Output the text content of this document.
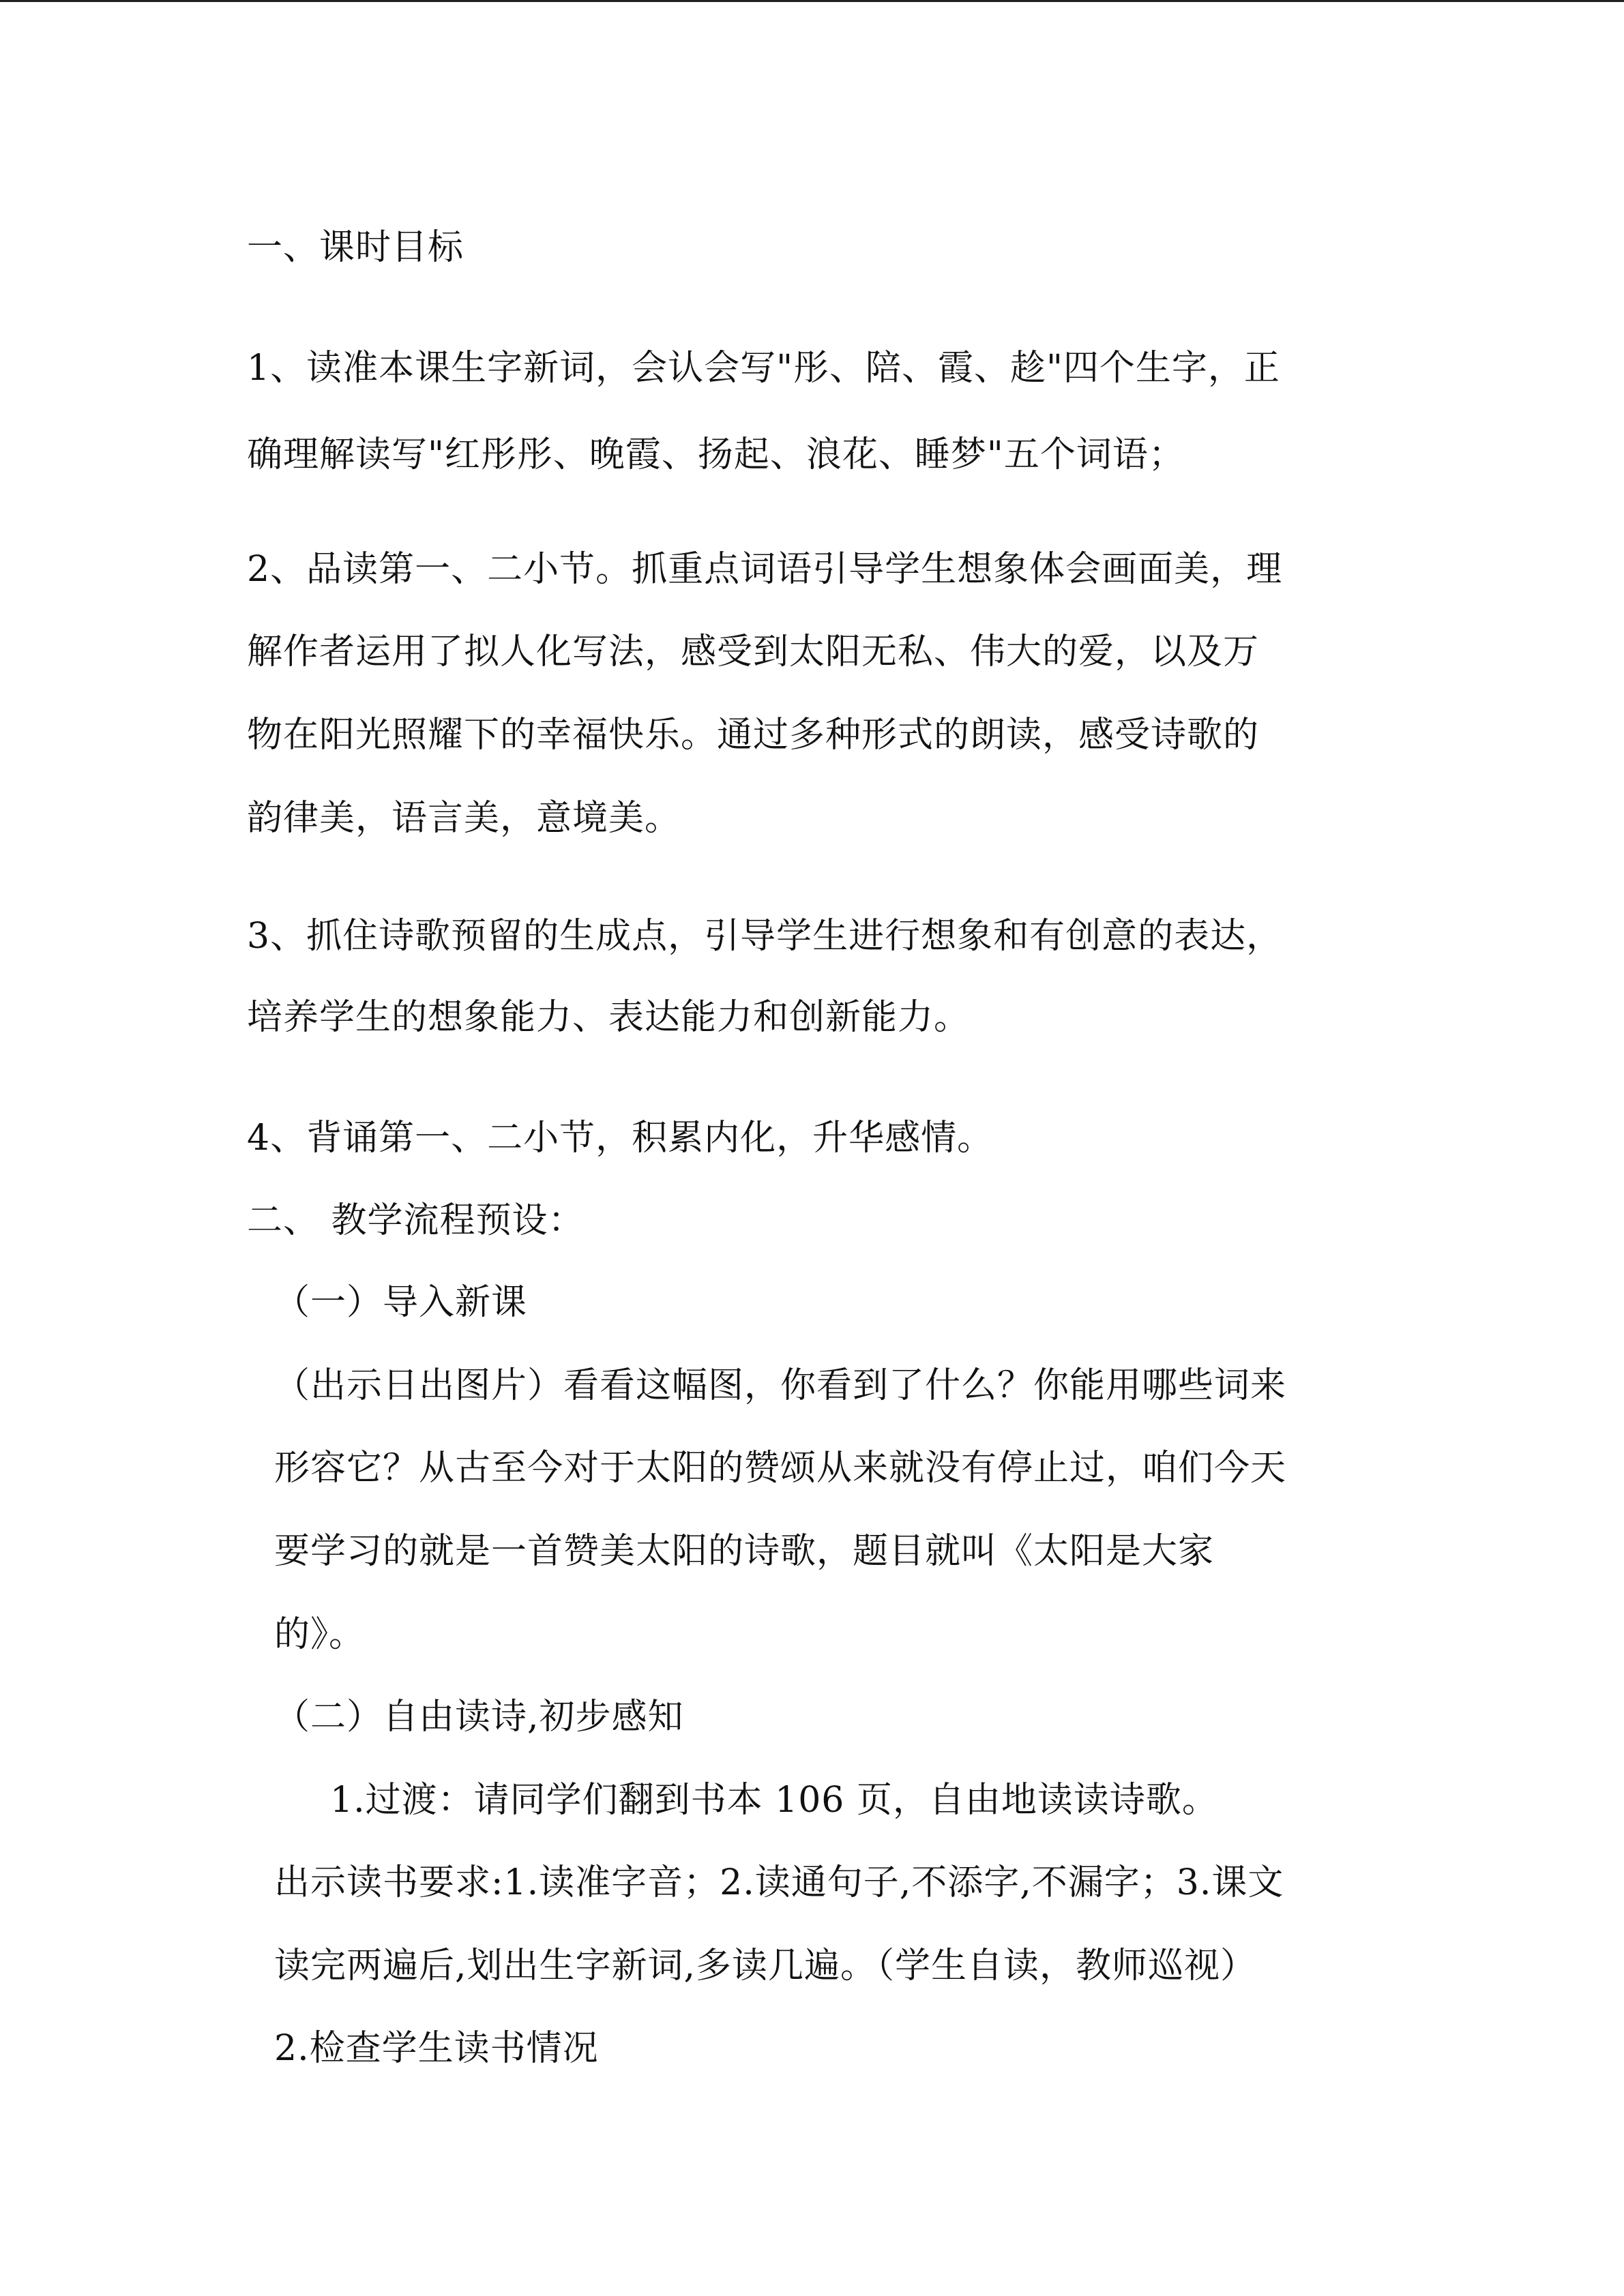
一、课时目标
1、读准本课生字新词，会认会写"彤、陪、霞、趁"四个生字，正
确理解读写"红彤彤、晚霞、扬起、浪花、睡梦"五个词语；
2、品读第一、二小节。抓重点词语引导学生想象体会画面美，理
解作者运用了拟人化写法，感受到太阳无私、伟大的爱，以及万
物在阳光照耀下的幸福快乐。通过多种形式的朗读，感受诗歌的
韵律美，语言美，意境美。
3、抓住诗歌预留的生成点，引导学生进行想象和有创意的表达，
培养学生的想象能力、表达能力和创新能力。
4、背诵第一、二小节，积累内化，升华感情。
二、 教学流程预设：
（一）导入新课
（出示日出图片）看看这幅图，你看到了什么？你能用哪些词来
形容它？从古至今对于太阳的赞颂从来就没有停止过，咱们今天
要学习的就是一首赞美太阳的诗歌，题目就叫《太阳是大家
的》。
（二）自由读诗,初步感知
1.过渡：请同学们翻到书本 106 页，自由地读读诗歌。
出示读书要求:1.读准字音；2.读通句子,不添字,不漏字；3.课文
读完两遍后,划出生字新词,多读几遍。（学生自读，教师巡视）
2.检查学生读书情况
